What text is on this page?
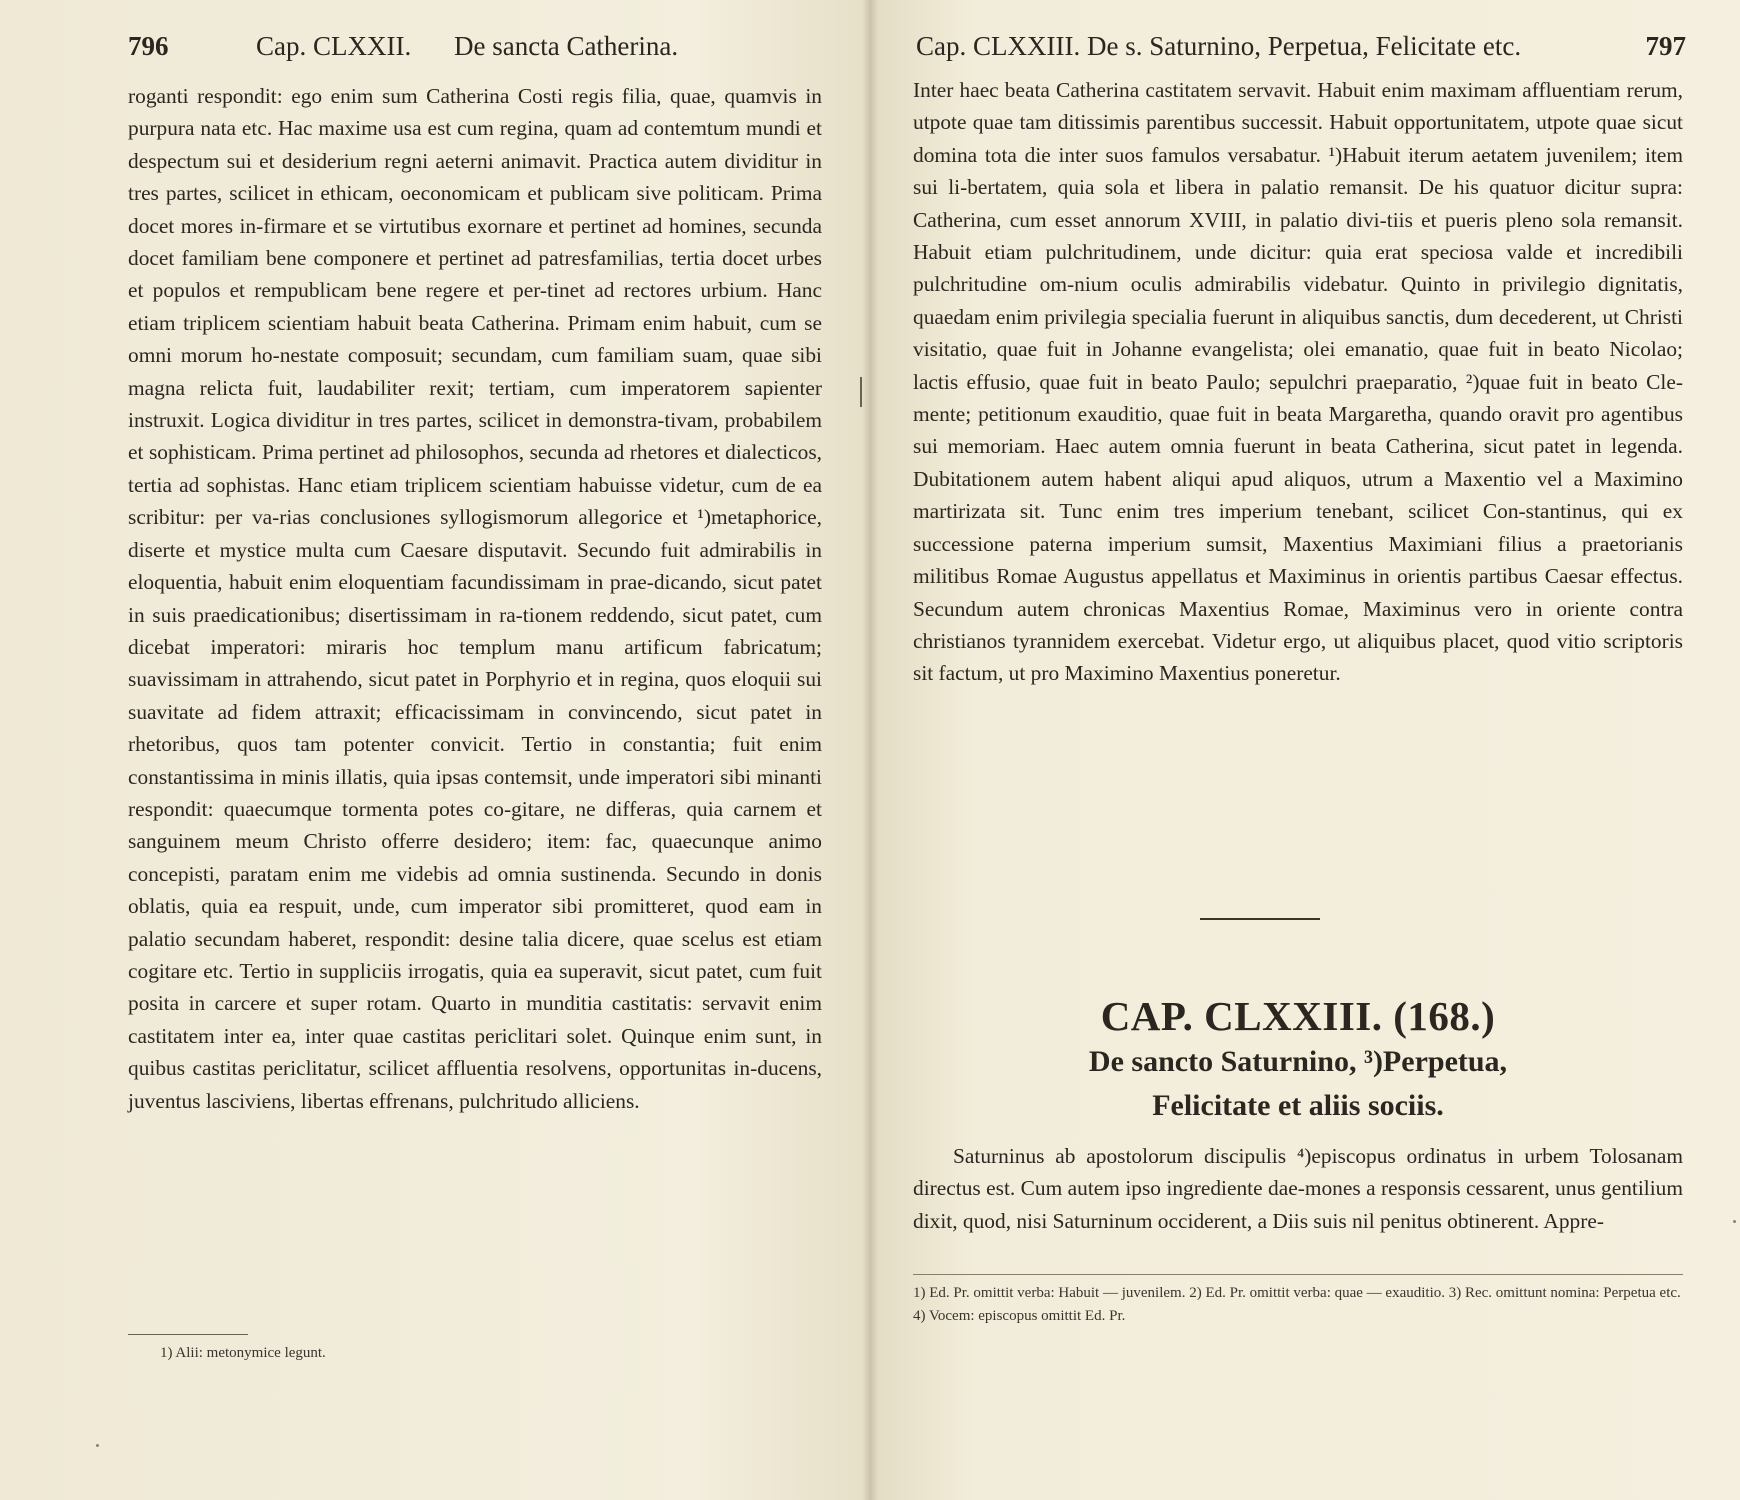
796	Cap. CLXXII. De sancta Catherina.
roganti respondit: ego enim sum Catherina Costi regis filia, quae, quamvis in purpura nata etc. Hac maxime usa est cum regina, quam ad contemtum mundi et despectum sui et desiderium regni aeterni animavit. Practica autem dividitur in tres partes, scilicet in ethicam, oeconomicam et publicam sive politicam. Prima docet mores in-firmare et se virtutibus exornare et pertinet ad homines, secunda docet familiam bene componere et pertinet ad patresfamilias, tertia docet urbes et populos et rempublicam bene regere et per-tinet ad rectores urbium. Hanc etiam triplicem scientiam habuit beata Catherina. Primam enim habuit, cum se omni morum ho-nestate composuit; secundam, cum familiam suam, quae sibi magna relicta fuit, laudabiliter rexit; tertiam, cum imperatorem sapienter instruxit. Logica dividitur in tres partes, scilicet in demonstra-tivam, probabilem et sophisticam. Prima pertinet ad philosophos, secunda ad rhetores et dialecticos, tertia ad sophistas. Hanc etiam triplicem scientiam habuisse videtur, cum de ea scribitur: per va-rias conclusiones syllogismorum allegorice et ¹)metaphorice, diserte et mystice multa cum Caesare disputavit. Secundo fuit admirabilis in eloquentia, habuit enim eloquentiam facundissimam in prae-dicando, sicut patet in suis praedicationibus; disertissimam in ra-tionem reddendo, sicut patet, cum dicebat imperatori: miraris hoc templum manu artificum fabricatum; suavissimam in attrahendo, sicut patet in Porphyrio et in regina, quos eloquii sui suavitate ad fidem attraxit; efficacissimam in convincendo, sicut patet in rhetoribus, quos tam potenter convicit. Tertio in constantia; fuit enim constantissima in minis illatis, quia ipsas contemsit, unde imperatori sibi minanti respondit: quaecumque tormenta potes co-gitare, ne differas, quia carnem et sanguinem meum Christo offerre desidero; item: fac, quaecunque animo concepisti, paratam enim me videbis ad omnia sustinenda. Secundo in donis oblatis, quia ea respuit, unde, cum imperator sibi promitteret, quod eam in palatio secundam haberet, respondit: desine talia dicere, quae scelus est etiam cogitare etc. Tertio in suppliciis irrogatis, quia ea superavit, sicut patet, cum fuit posita in carcere et super rotam. Quarto in munditia castitatis: servavit enim castitatem inter ea, inter quae castitas periclitari solet. Quinque enim sunt, in quibus castitas periclitatur, scilicet affluentia resolvens, opportunitas in-ducens, juventus lasciviens, libertas effrenans, pulchritudo alliciens.
1) Alii: metonymice legunt.
Cap. CLXXIII. De s. Saturnino, Perpetua, Felicitate etc.	797
Inter haec beata Catherina castitatem servavit. Habuit enim maximam affluentiam rerum, utpote quae tam ditissimis parentibus successit. Habuit opportunitatem, utpote quae sicut domina tota die inter suos famulos versabatur. ¹)Habuit iterum aetatem juvenilem; item sui li-bertatem, quia sola et libera in palatio remansit. De his quatuor dicitur supra: Catherina, cum esset annorum XVIII, in palatio divi-tiis et pueris pleno sola remansit. Habuit etiam pulchritudinem, unde dicitur: quia erat speciosa valde et incredibili pulchritudine om-nium oculis admirabilis videbatur. Quinto in privilegio dignitatis, quaedam enim privilegia specialia fuerunt in aliquibus sanctis, dum decederent, ut Christi visitatio, quae fuit in Johanne evangelista; olei emanatio, quae fuit in beato Nicolao; lactis effusio, quae fuit in beato Paulo; sepulchri praeparatio, ²)quae fuit in beato Cle-mente; petitionum exauditio, quae fuit in beata Margaretha, quando oravit pro agentibus sui memoriam. Haec autem omnia fuerunt in beata Catherina, sicut patet in legenda. Dubitationem autem habent aliqui apud aliquos, utrum a Maxentio vel a Maximino martirizata sit. Tunc enim tres imperium tenebant, scilicet Con-stantinus, qui ex successione paterna imperium sumsit, Maxentius Maximiani filius a praetorianis militibus Romae Augustus appellatus et Maximinus in orientis partibus Caesar effectus. Secundum autem chronicas Maxentius Romae, Maximinus vero in oriente contra christianos tyrannidem exercebat. Videtur ergo, ut aliquibus placet, quod vitio scriptoris sit factum, ut pro Maximino Maxentius poneretur.
1) Ed. Pr. omittit verba: Habuit — juvenilem. 2) Ed. Pr. omittit verba: quae — exauditio. 3) Rec. omittunt nomina: Perpetua etc. 4) Vocem: episcopus omittit Ed. Pr.
CAP. CLXXIII. (168.)
De sancto Saturnino, ³)Perpetua,
Felicitate et aliis sociis.
Saturninus ab apostolorum discipulis ⁴)episcopus ordinatus in urbem Tolosanam directus est. Cum autem ipso ingrediente dae-mones a responsis cessarent, unus gentilium dixit, quod, nisi Saturninum occiderent, a Diis suis nil penitus obtinerent. Appre-
